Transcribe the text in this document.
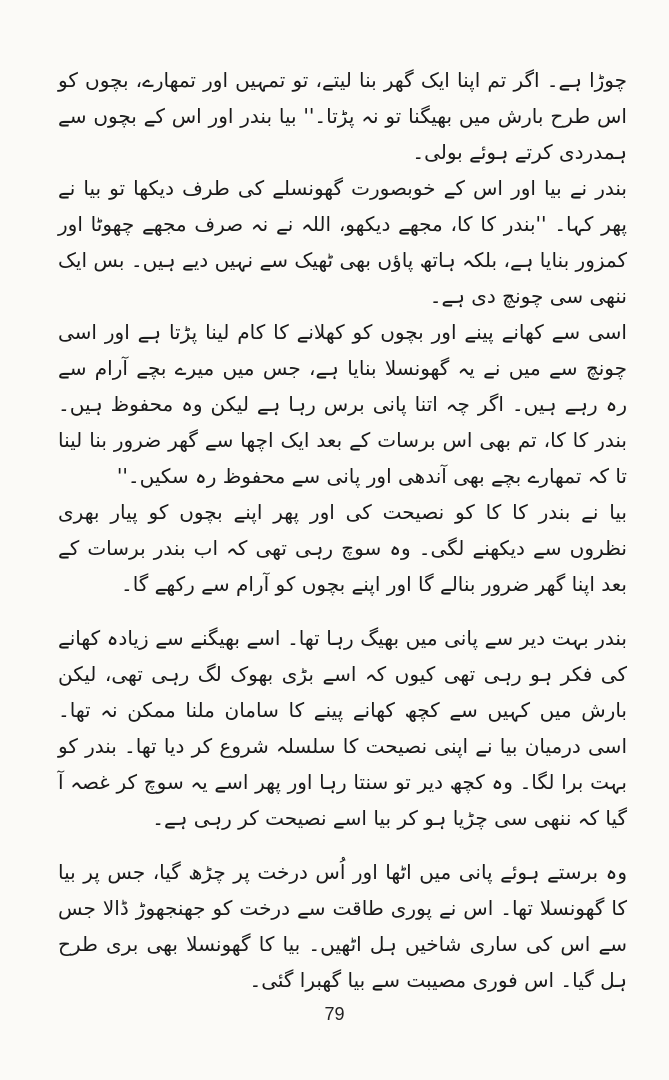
چوڑا ہے۔ اگر تم اپنا ایک گھر بنا لیتے، تو تمہیں اور تمھارے، بچوں کو اس طرح بارش میں بھیگنا تو نہ پڑتا۔'' بیا بندر اور اس کے بچوں سے ہمدردی کرتے ہوئے بولی۔

بندر نے بیا اور اس کے خوبصورت گھونسلے کی طرف دیکھا تو بیا نے پھر کہا۔ ''بندر کا کا، مجھے دیکھو، اللہ نے نہ صرف مجھے چھوٹا اور کمزور بنایا ہے، بلکہ ہاتھ پاؤں بھی ٹھیک سے نہیں دیے ہیں۔ بس ایک ننھی سی چونچ دی ہے۔

اسی سے کھانے پینے اور بچوں کو کھلانے کا کام لینا پڑتا ہے اور اسی چونچ سے میں نے یہ گھونسلا بنایا ہے، جس میں میرے بچے آرام سے رہ رہے ہیں۔ اگر چہ اتنا پانی برس رہا ہے لیکن وہ محفوظ ہیں۔ بندر کا کا، تم بھی اس برسات کے بعد ایک اچھا سے گھر ضرور بنا لینا تا کہ تمھارے بچے بھی آندھی اور پانی سے محفوظ رہ سکیں۔''

بیا نے بندر کا کا کو نصیحت کی اور پھر اپنے بچوں کو پیار بھری نظروں سے دیکھنے لگی۔ وہ سوچ رہی تھی کہ اب بندر برسات کے بعد اپنا گھر ضرور بنالے گا اور اپنے بچوں کو آرام سے رکھے گا۔

بندر بہت دیر سے پانی میں بھیگ رہا تھا۔ اسے بھیگنے سے زیادہ کھانے کی فکر ہو رہی تھی کیوں کہ اسے بڑی بھوک لگ رہی تھی، لیکن بارش میں کہیں سے کچھ کھانے پینے کا سامان ملنا ممکن نہ تھا۔ اسی درمیان بیا نے اپنی نصیحت کا سلسلہ شروع کر دیا تھا۔ بندر کو بہت برا لگا۔ وہ کچھ دیر تو سنتا رہا اور پھر اسے یہ سوچ کر غصہ آ گیا کہ ننھی سی چڑیا ہو کر بیا اسے نصیحت کر رہی ہے۔

وہ برستے ہوئے پانی میں اٹھا اور اُس درخت پر چڑھ گیا، جس پر بیا کا گھونسلا تھا۔ اس نے پوری طاقت سے درخت کو جھنجھوڑ ڈالا جس سے اس کی ساری شاخیں ہل اٹھیں۔ بیا کا گھونسلا بھی بری طرح ہل گیا۔ اس فوری مصیبت سے بیا گھبرا گئی۔

79
